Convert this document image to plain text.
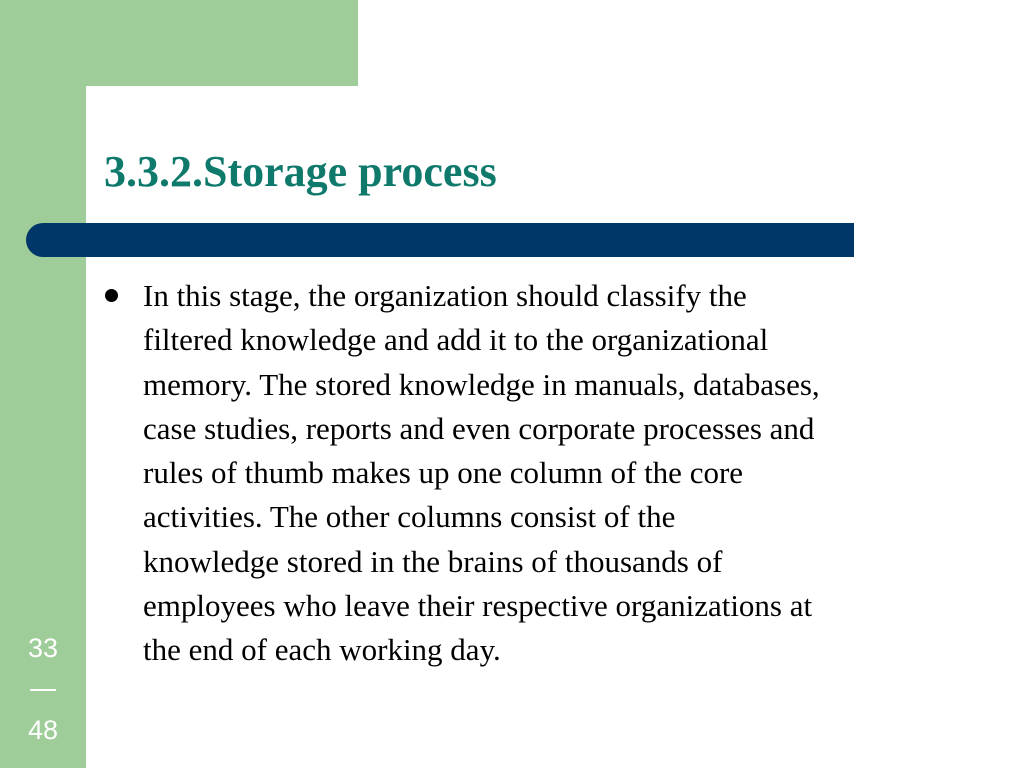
3.3.2.Storage process

In this stage, the organization should classify the
filtered knowledge and add it to the organizational
memory. The stored knowledge in manuals, databases,
case studies, reports and even corporate processes and
rules of thumb makes up one column of the core
activities. The other columns consist of the
knowledge stored in the brains of thousands of
employees who leave their respective organizations at
the end of each working day.

33
48
